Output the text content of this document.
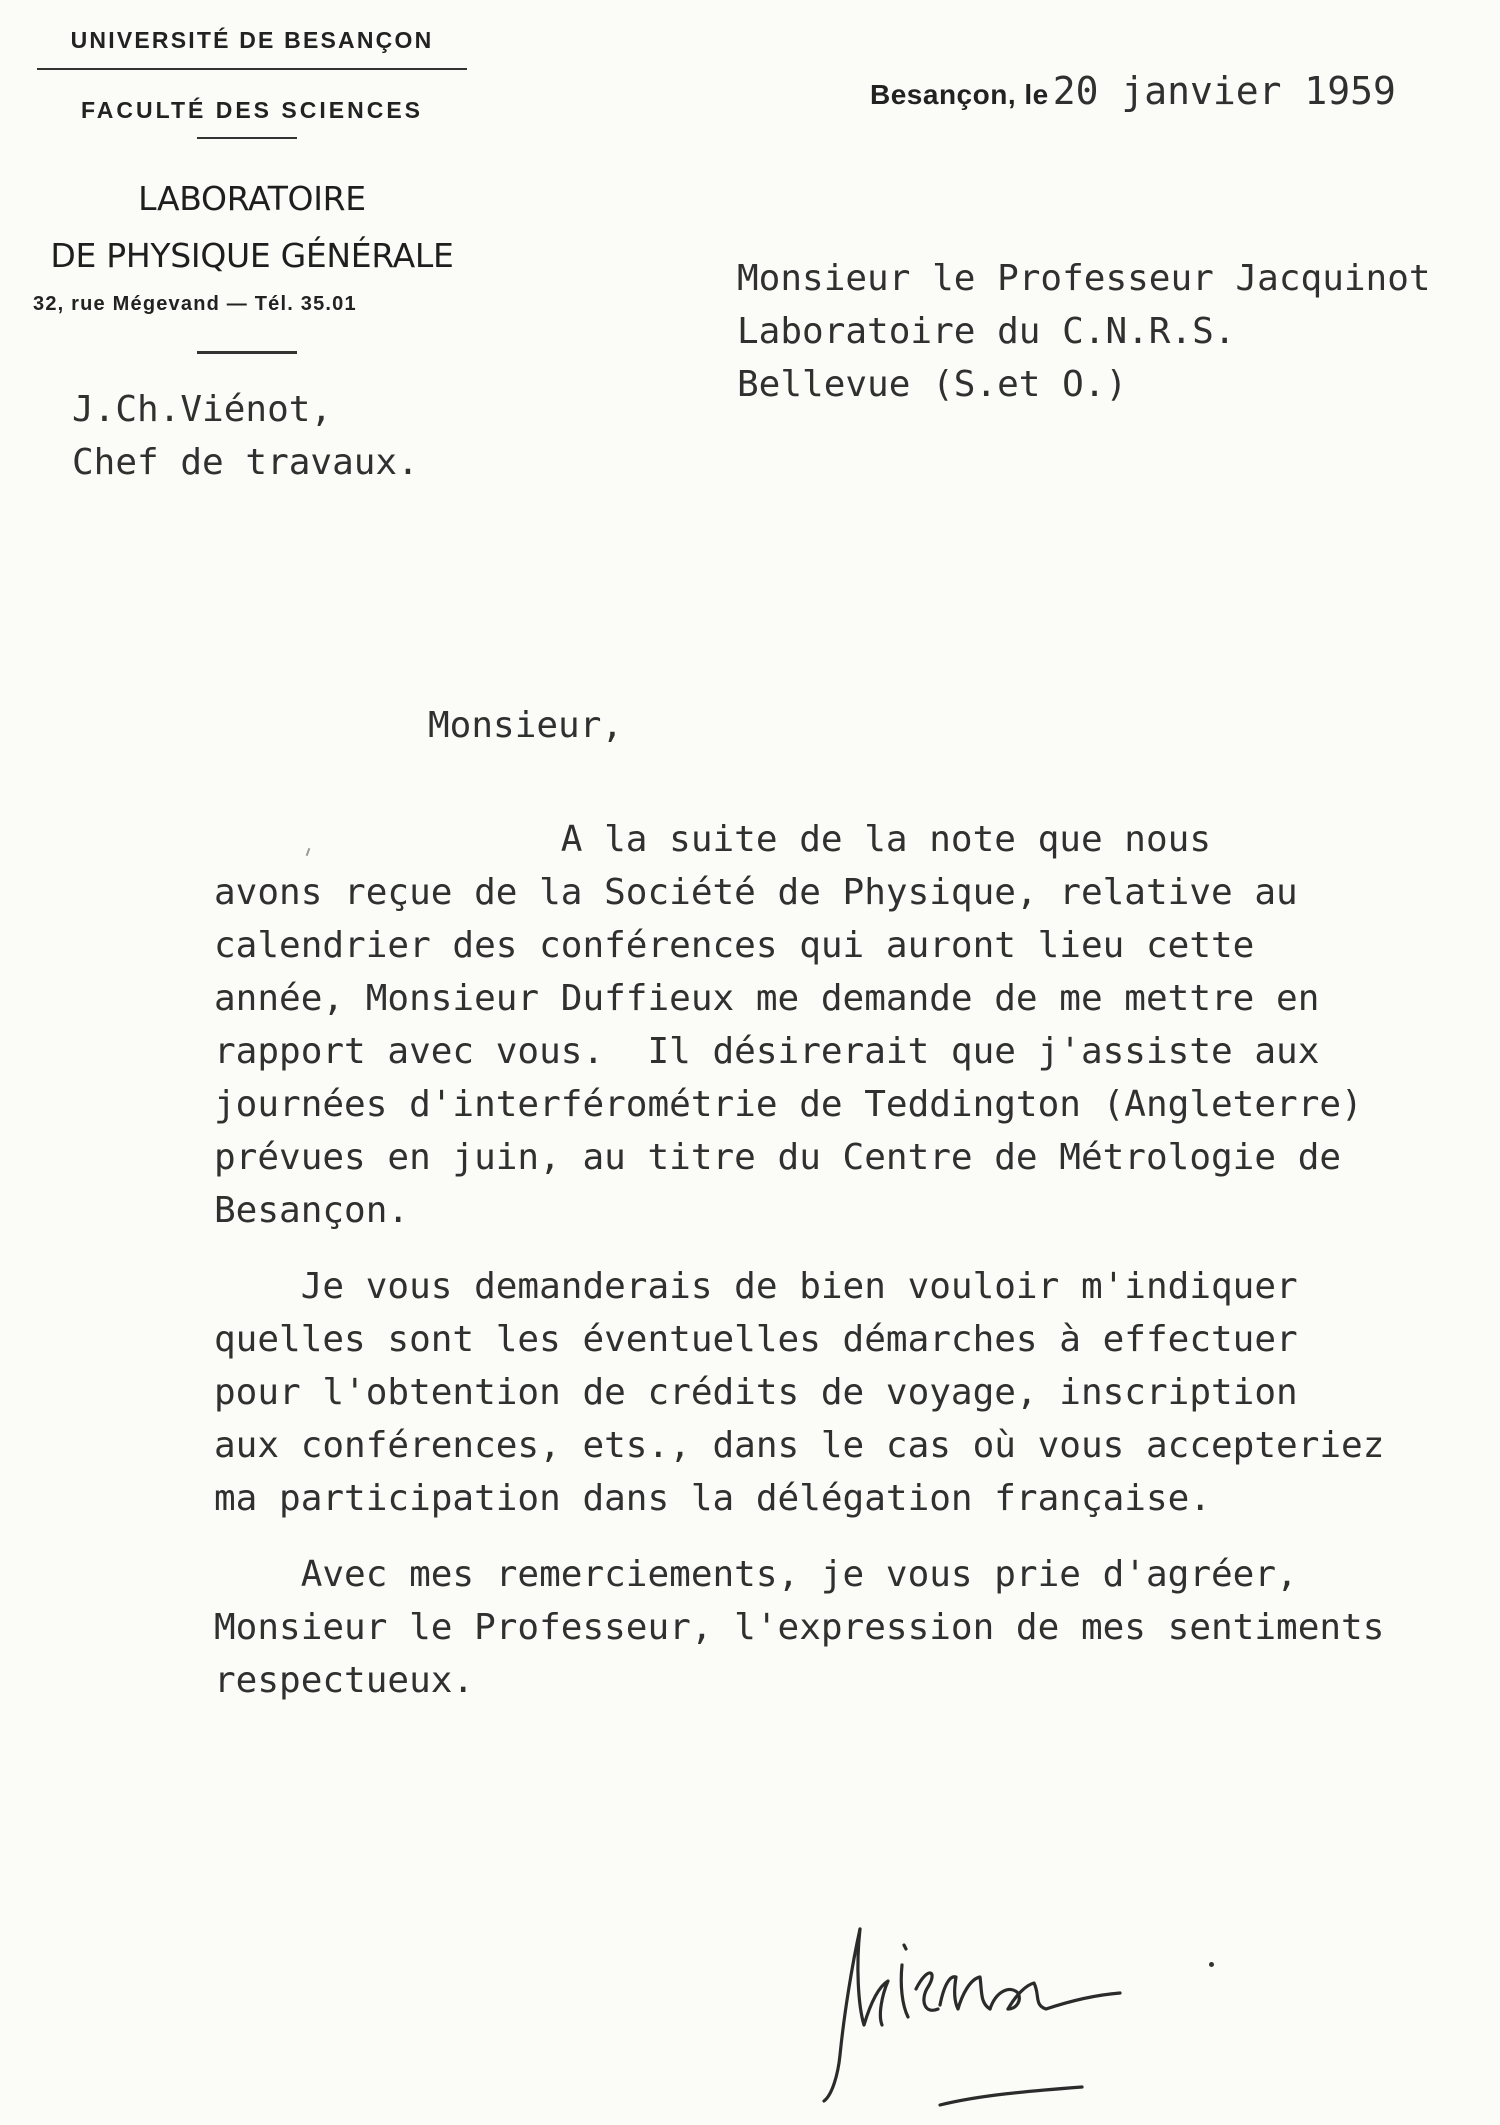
UNIVERSITÉ DE BESANÇON
FACULTÉ DES SCIENCES
LABORATOIRE
DE PHYSIQUE GÉNÉRALE
32, rue Mégevand — Tél. 35.01
J.Ch.Viénot,
Chef de travaux.
Besançon, le 20 janvier 1959
Monsieur le Professeur Jacquinot
Laboratoire du C.N.R.S.
Bellevue (S.et O.)
Monsieur,
A la suite de la note que nous
avons reçue de la Société de Physique, relative au
calendrier des conférences qui auront lieu cette
année, Monsieur Duffieux me demande de me mettre en
rapport avec vous.  Il désirerait que j'assiste aux
journées d'interférométrie de Teddington (Angleterre)
prévues en juin, au titre du Centre de Métrologie de
Besançon.
Je vous demanderais de bien vouloir m'indiquer
quelles sont les éventuelles démarches à effectuer
pour l'obtention de crédits de voyage, inscription
aux conférences, ets., dans le cas où vous accepteriez
ma participation dans la délégation française.
Avec mes remerciements, je vous prie d'agréer,
Monsieur le Professeur, l'expression de mes sentiments
respectueux.
